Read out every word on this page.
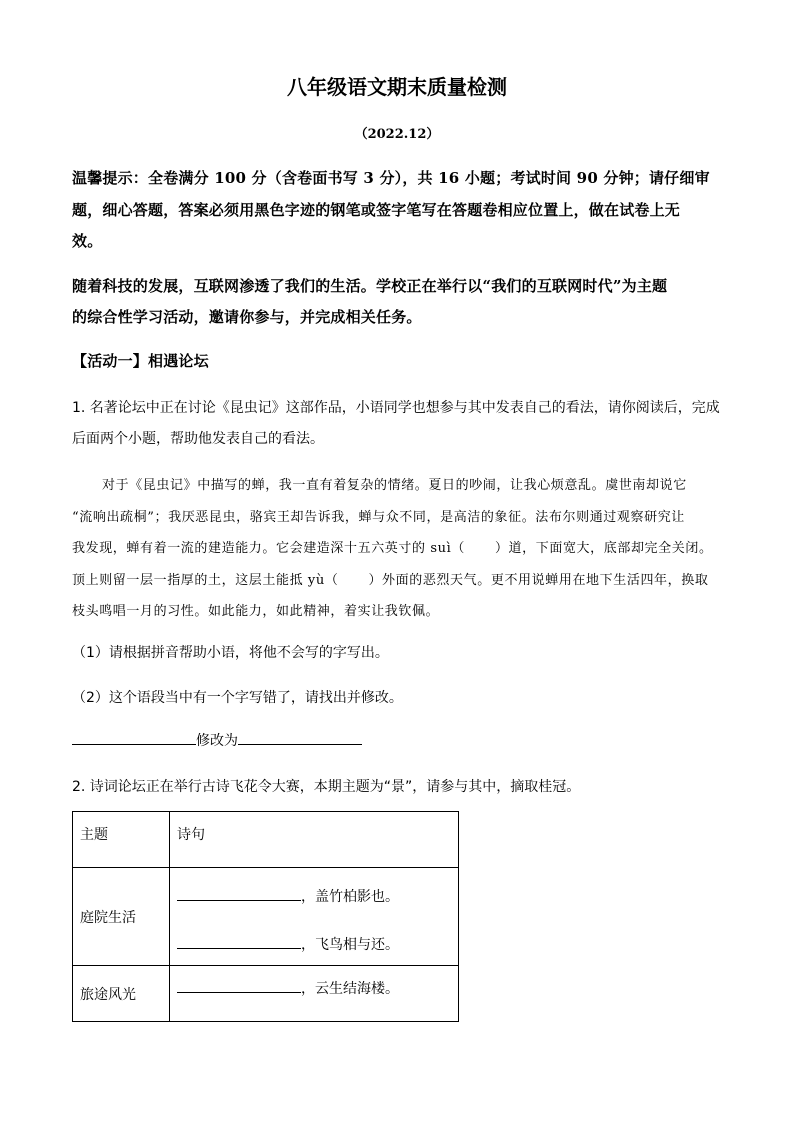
八年级语文期末质量检测
（2022.12）
温馨提示：全卷满分 100 分（含卷面书写 3 分），共 16 小题；考试时间 90 分钟；请仔细审
题，细心答题，答案必须用黑色字迹的钢笔或签字笔写在答题卷相应位置上，做在试卷上无
效。
随着科技的发展，互联网渗透了我们的生活。学校正在举行以“我们的互联网时代”为主题
的综合性学习活动，邀请你参与，并完成相关任务。
【活动一】相遇论坛
1. 名著论坛中正在讨论《昆虫记》这部作品，小语同学也想参与其中发表自己的看法，请你阅读后，完成
后面两个小题，帮助他发表自己的看法。
对于《昆虫记》中描写的蝉，我一直有着复杂的情绪。夏日的吵闹，让我心烦意乱。虞世南却说它
“流响出疏桐”；我厌恶昆虫，骆宾王却告诉我，蝉与众不同，是高洁的象征。法布尔则通过观察研究让
我发现，蝉有着一流的建造能力。它会建造深十五六英寸的 suì（ ）道，下面宽大，底部却完全关闭。
顶上则留一层一指厚的土，这层土能抵 yù（ ）外面的恶烈天气。更不用说蝉用在地下生活四年，换取
枝头鸣唱一月的习性。如此能力，如此精神，着实让我钦佩。
（1）请根据拼音帮助小语，将他不会写的字写出。
（2）这个语段当中有一个字写错了，请找出并修改。
修改为
2. 诗词论坛正在举行古诗飞花令大赛，本期主题为“景”，请参与其中，摘取桂冠。
主题	诗句

庭院生活	，盖竹柏影也。
，飞鸟相与还。

旅途风光	，云生结海楼。
